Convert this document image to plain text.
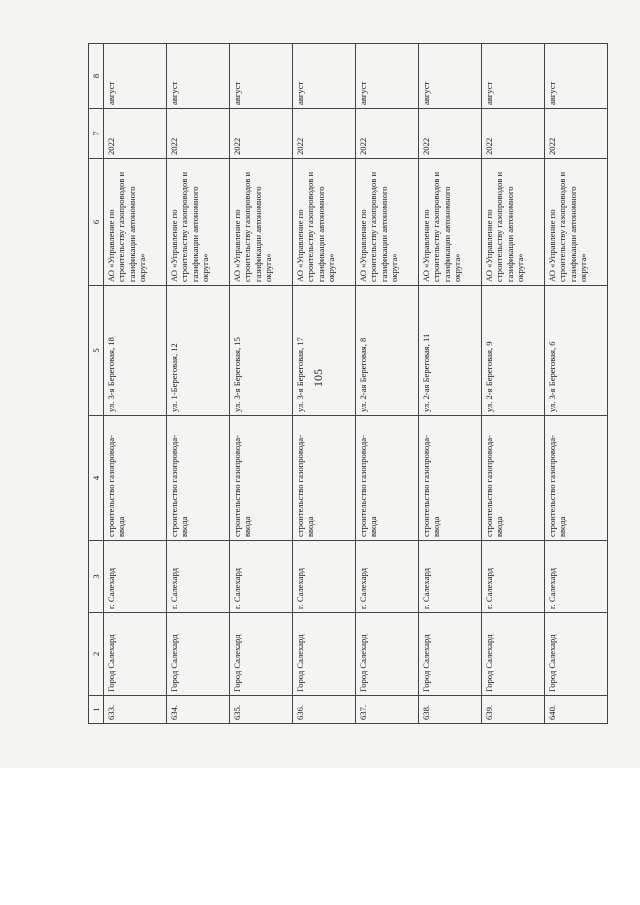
105
1	2	3	4	5	6	7	8
633.	Город Салехард	г. Салехард	строительство газопровода-ввода	ул. 3-я Береговая, 18	АО «Управление по строительству газопроводов и газификации автономного округа»	2022	август
634.	Город Салехард	г. Салехард	строительство газопровода-ввода	ул. 1-Береговая, 12	АО «Управление по строительству газопроводов и газификации автономного округа»	2022	август
635.	Город Салехард	г. Салехард	строительство газопровода-ввода	ул. 3-я Береговая, 15	АО «Управление по строительству газопроводов и газификации автономного округа»	2022	август
636.	Город Салехард	г. Салехард	строительство газопровода-ввода	ул. 3-я Береговая, 17	АО «Управление по строительству газопроводов и газификации автономного округа»	2022	август
637.	Город Салехард	г. Салехард	строительство газопровода-ввода	ул. 2-ая Береговая, 8	АО «Управление по строительству газопроводов и газификации автономного округа»	2022	август
638.	Город Салехард	г. Салехард	строительство газопровода-ввода	ул. 2-ая Береговая, 11	АО «Управление по строительству газопроводов и газификации автономного округа»	2022	август
639.	Город Салехард	г. Салехард	строительство газопровода-ввода	ул. 2-я Береговая, 9	АО «Управление по строительству газопроводов и газификации автономного округа»	2022	август
640.	Город Салехард	г. Салехард	строительство газопровода-ввода	ул. 3-я Береговая, 6	АО «Управление по строительству газопроводов и газификации автономного округа»	2022	август
